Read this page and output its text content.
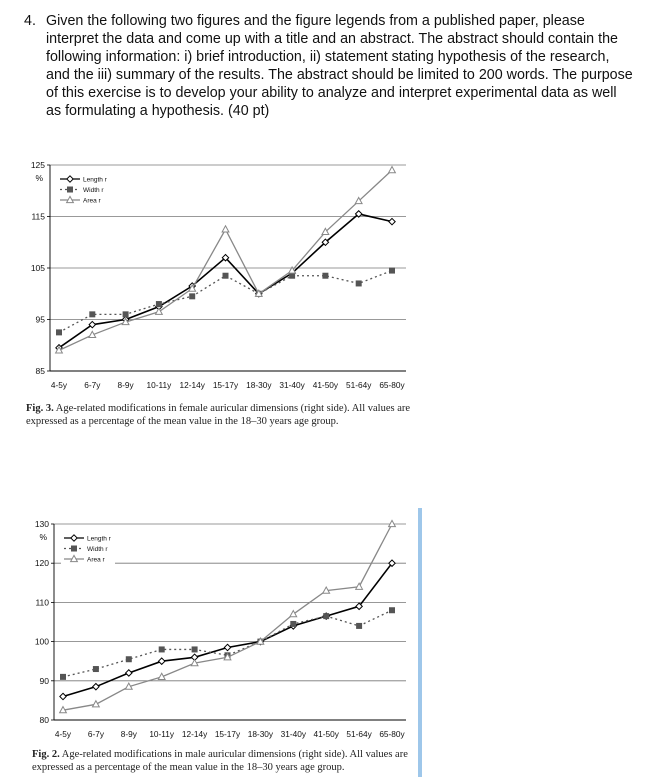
4. Given the following two figures and the figure legends from a published paper, please interpret the data and come up with a title and an abstract. The abstract should contain the following information: i) brief introduction, ii) statement stating hypothesis of the research, and the iii) summary of the results. The abstract should be limited to 200 words. The purpose of this exercise is to develop your ability to analyze and interpret experimental data as well as formulating a hypothesis. (40 pt)
85
95
105
115
125
%
4-5y 6-7y 8-9y 10-11y 12-14y 15-17y 18-30y 31-40y 41-50y 51-64y 65-80y
Length r
Width r
Area r
Fig. 3. Age-related modifications in female auricular dimensions (right side). All values are expressed as a percentage of the mean value in the 18–30 years age group.
80
90
100
110
120
130
%
4-5y 6-7y 8-9y 10-11y 12-14y 15-17y 18-30y 31-40y 41-50y 51-64y 65-80y
Length r
Width r
Area r
Fig. 2. Age-related modifications in male auricular dimensions (right side). All values are expressed as a percentage of the mean value in the 18–30 years age group.
